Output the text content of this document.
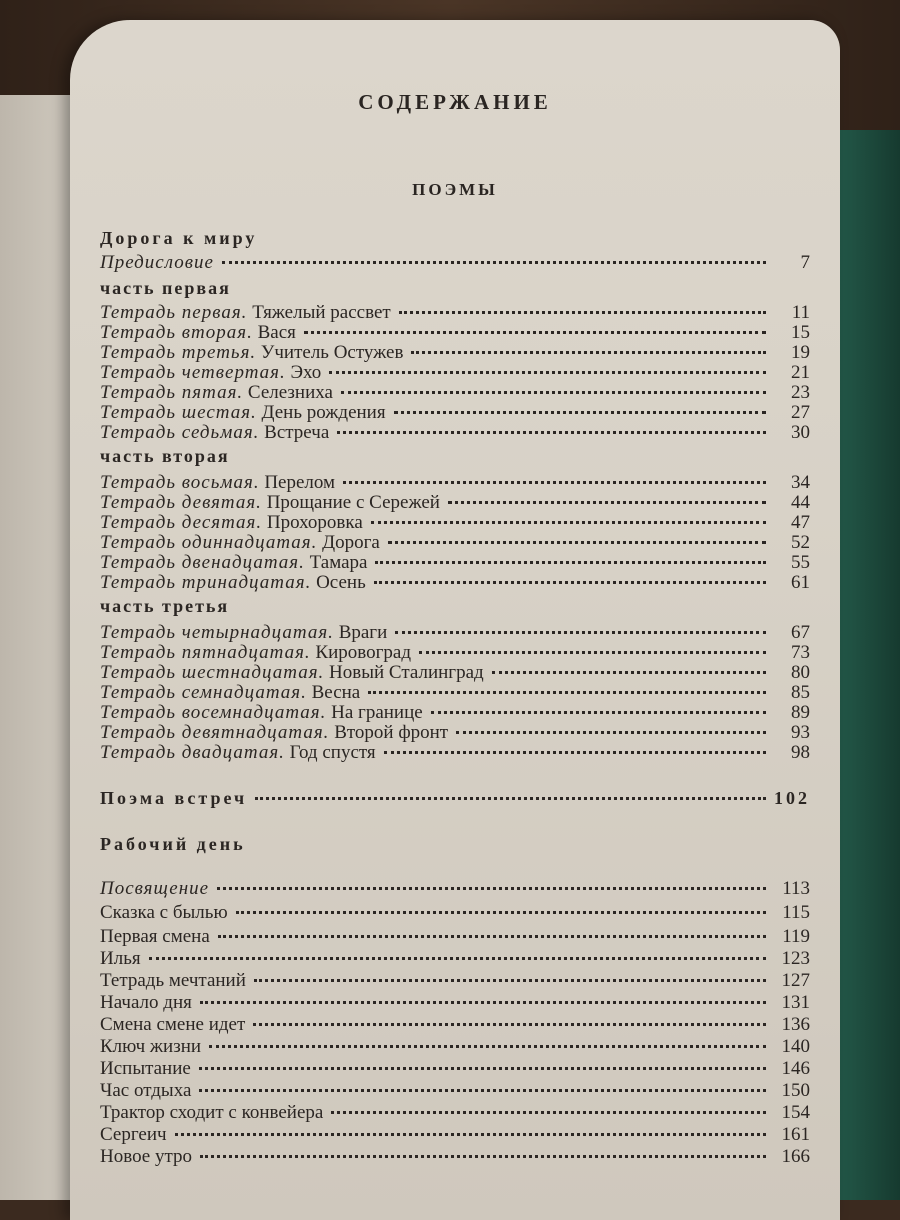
СОДЕРЖАНИЕ
ПОЭМЫ
Дорога к миру
Предисловие	7
часть первая
Тетрадь первая. Тяжелый рассвет	11
Тетрадь вторая. Вася	15
Тетрадь третья. Учитель Остужев	19
Тетрадь четвертая. Эхо	21
Тетрадь пятая. Селезниха	23
Тетрадь шестая. День рождения	27
Тетрадь седьмая. Встреча	30
часть вторая
Тетрадь восьмая. Перелом	34
Тетрадь девятая. Прощание с Сережей	44
Тетрадь десятая. Прохоровка	47
Тетрадь одиннадцатая. Дорога	52
Тетрадь двенадцатая. Тамара	55
Тетрадь тринадцатая. Осень	61
часть третья
Тетрадь четырнадцатая. Враги	67
Тетрадь пятнадцатая. Кировоград	73
Тетрадь шестнадцатая. Новый Сталинград	80
Тетрадь семнадцатая. Весна	85
Тетрадь восемнадцатая. На границе	89
Тетрадь девятнадцатая. Второй фронт	93
Тетрадь двадцатая. Год спустя	98
Поэма встреч	102
Рабочий день
Посвящение	113
Сказка с былью	115
Первая смена	119
Илья	123
Тетрадь мечтаний	127
Начало дня	131
Смена смене идет	136
Ключ жизни	140
Испытание	146
Час отдыха	150
Трактор сходит с конвейера	154
Сергеич	161
Новое утро	166
